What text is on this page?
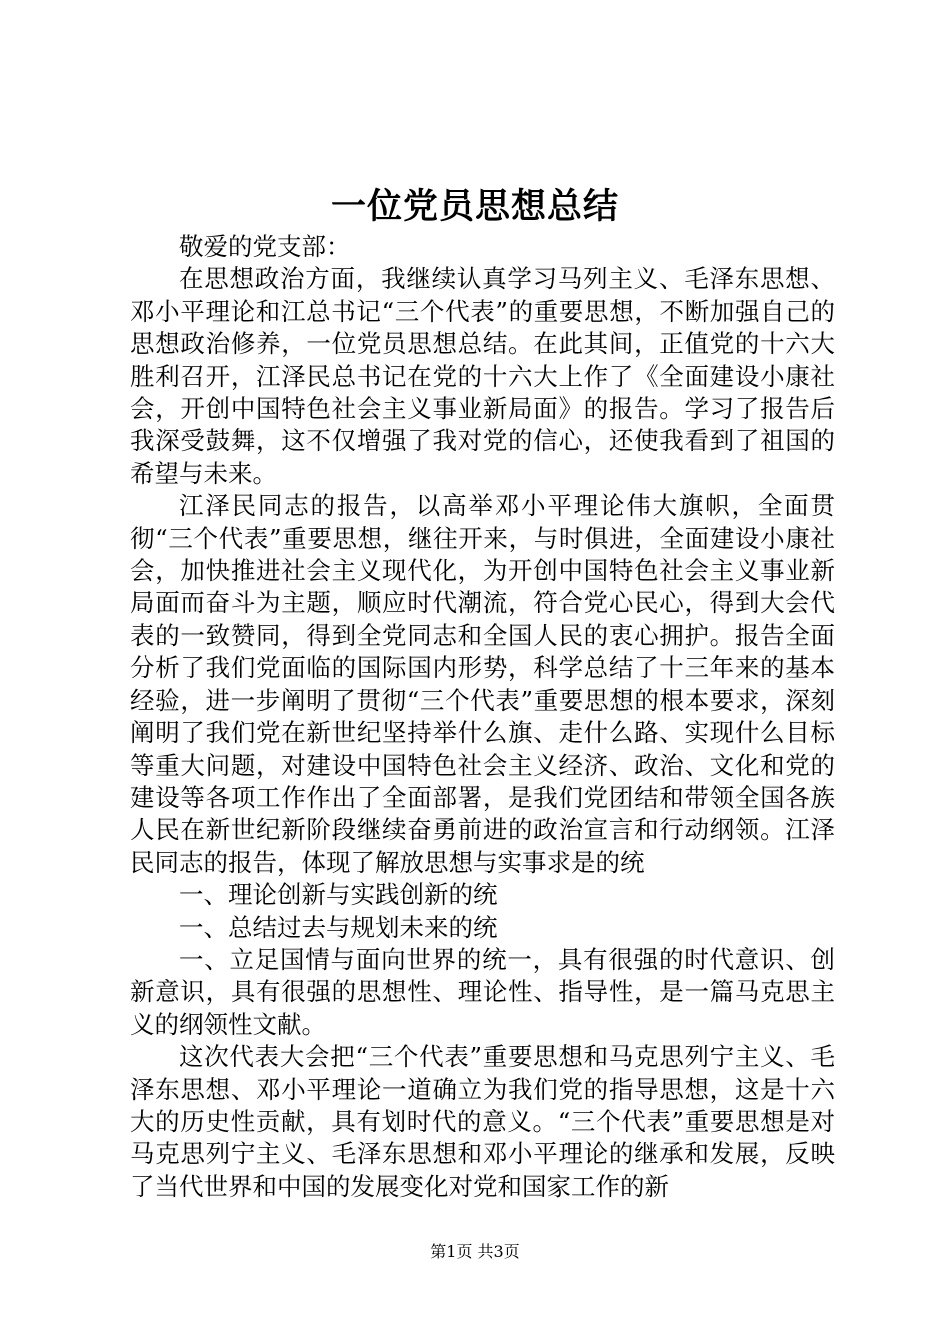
一位党员思想总结

敬爱的党支部：

在思想政治方面，我继续认真学习马列主义、毛泽东思想、邓小平理论和江总书记“三个代表”的重要思想，不断加强自己的思想政治修养，一位党员思想总结。在此其间，正值党的十六大胜利召开，江泽民总书记在党的十六大上作了《全面建设小康社会，开创中国特色社会主义事业新局面》的报告。学习了报告后我深受鼓舞，这不仅增强了我对党的信心，还使我看到了祖国的希望与未来。

江泽民同志的报告，以高举邓小平理论伟大旗帜，全面贯彻“三个代表”重要思想，继往开来，与时俱进，全面建设小康社会，加快推进社会主义现代化，为开创中国特色社会主义事业新局面而奋斗为主题，顺应时代潮流，符合党心民心，得到大会代表的一致赞同，得到全党同志和全国人民的衷心拥护。报告全面分析了我们党面临的国际国内形势，科学总结了十三年来的基本经验，进一步阐明了贯彻“三个代表”重要思想的根本要求，深刻阐明了我们党在新世纪坚持举什么旗、走什么路、实现什么目标等重大问题，对建设中国特色社会主义经济、政治、文化和党的建设等各项工作作出了全面部署，是我们党团结和带领全国各族人民在新世纪新阶段继续奋勇前进的政治宣言和行动纲领。江泽民同志的报告，体现了解放思想与实事求是的统

一、理论创新与实践创新的统

一、总结过去与规划未来的统

一、立足国情与面向世界的统一，具有很强的时代意识、创新意识，具有很强的思想性、理论性、指导性，是一篇马克思主义的纲领性文献。

这次代表大会把“三个代表”重要思想和马克思列宁主义、毛泽东思想、邓小平理论一道确立为我们党的指导思想，这是十六大的历史性贡献，具有划时代的意义。“三个代表”重要思想是对马克思列宁主义、毛泽东思想和邓小平理论的继承和发展，反映了当代世界和中国的发展变化对党和国家工作的新

第1页 共3页
